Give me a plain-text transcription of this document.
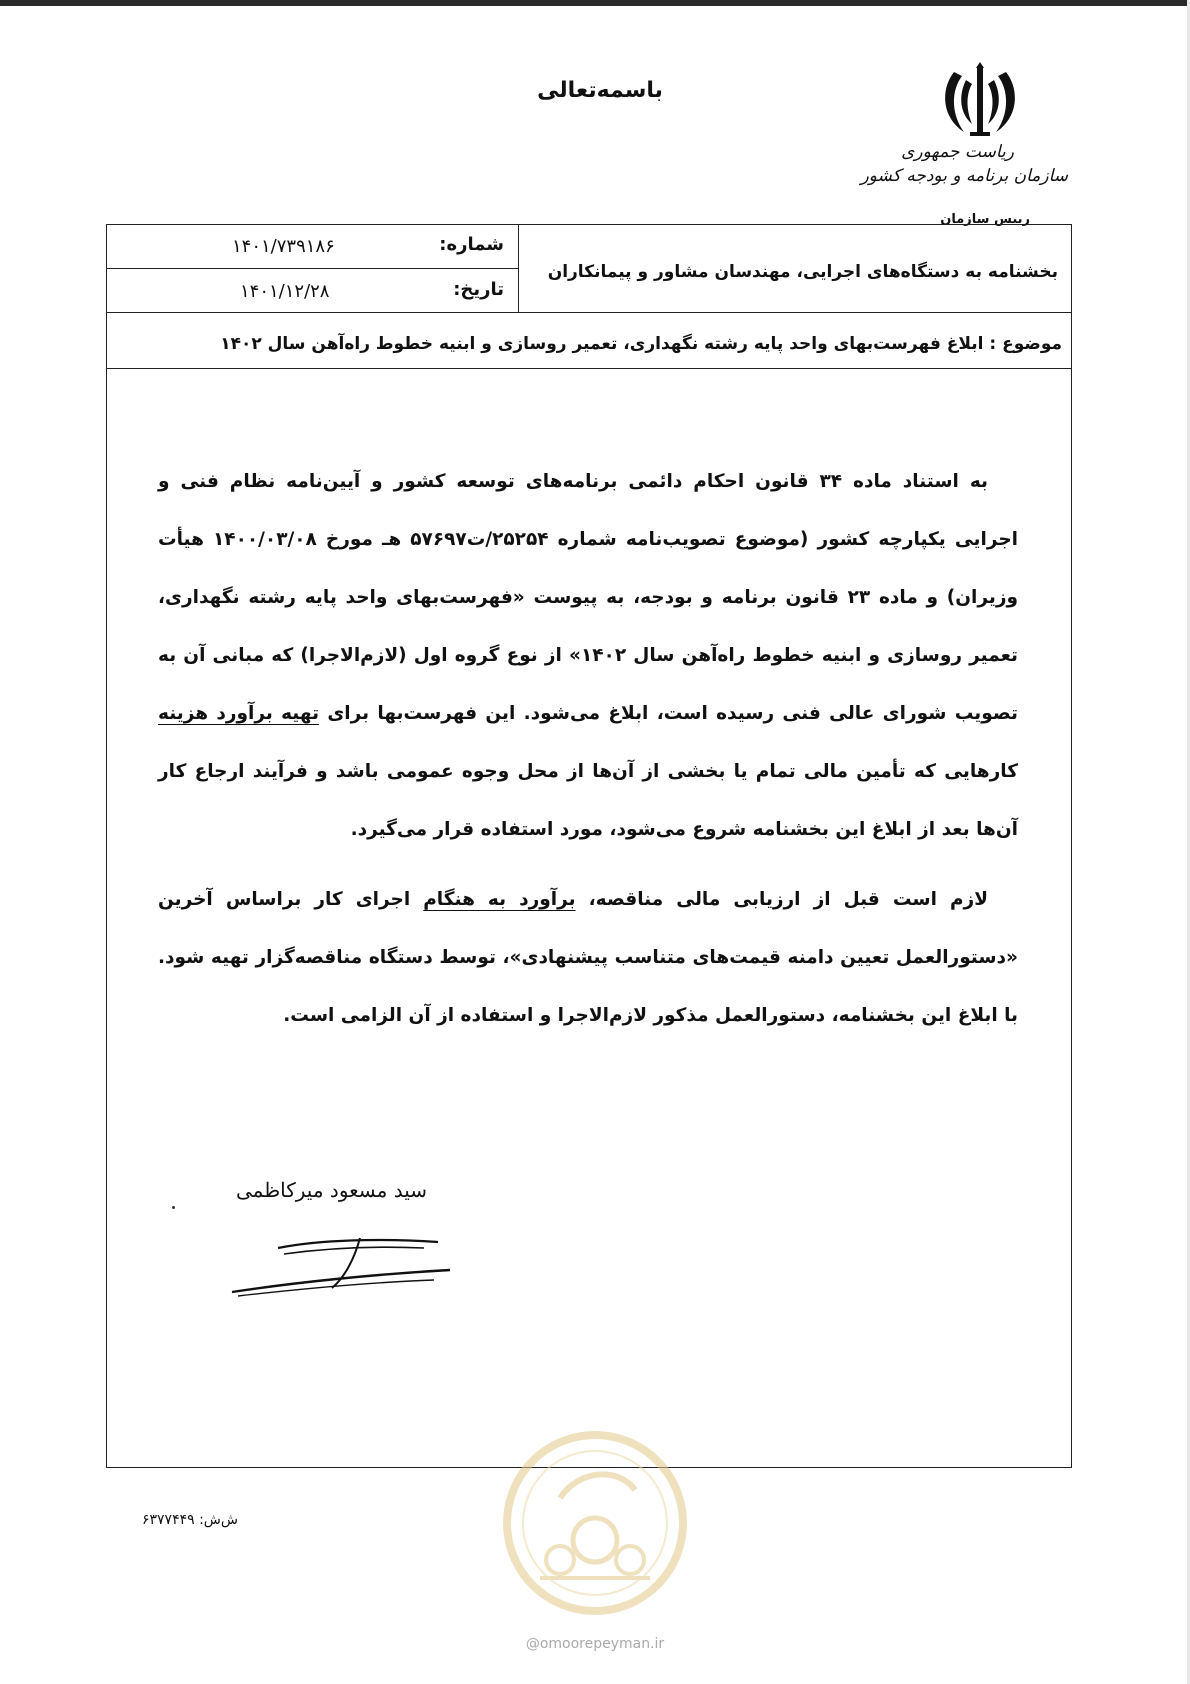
باسمه‌تعالی
ریاست جمهوری
سازمان برنامه و بودجه کشور
رییس سازمان
شماره:
۱۴۰۱/۷۳۹۱۸۶
تاریخ:
۱۴۰۱/۱۲/۲۸
بخشنامه به دستگاه‌های اجرایی، مهندسان مشاور و پیمانکاران
موضوع : ابلاغ فهرست‌بهای واحد پایه رشته نگهداری، تعمیر روسازی و ابنیه خطوط راه‌آهن سال ۱۴۰۲

به استناد ماده ۳۴ قانون احکام دائمی برنامه‌های توسعه کشور و آیین‌نامه نظام فنی و اجرایی یکپارچه کشور (موضوع تصویب‌نامه شماره ۲۵۲۵۴/ت۵۷۶۹۷ هـ مورخ ۱۴۰۰/۰۳/۰۸ هیأت وزیران) و ماده ۲۳ قانون برنامه و بودجه، به پیوست «فهرست‌بهای واحد پایه رشته نگهداری، تعمیر روسازی و ابنیه خطوط راه‌آهن سال ۱۴۰۲» از نوع گروه اول (لازم‌الاجرا) که مبانی آن به تصویب شورای عالی فنی رسیده است، ابلاغ می‌شود. این فهرست‌بها برای تهیه برآورد هزینه کارهایی که تأمین مالی تمام یا بخشی از آن‌ها از محل وجوه عمومی باشد و فرآیند ارجاع کار آن‌ها بعد از ابلاغ این بخشنامه شروع می‌شود، مورد استفاده قرار می‌گیرد.

لازم است قبل از ارزیابی مالی مناقصه، برآورد به هنگام اجرای کار براساس آخرین «دستورالعمل تعیین دامنه قیمت‌های متناسب پیشنهادی»، توسط دستگاه مناقصه‌گزار تهیه شود. با ابلاغ این بخشنامه، دستورالعمل مذکور لازم‌الاجرا و استفاده از آن الزامی است.

سید مسعود میرکاظمی
ش‌ش: ۶۳۷۷۴۴۹
@omoorepeyman.ir
